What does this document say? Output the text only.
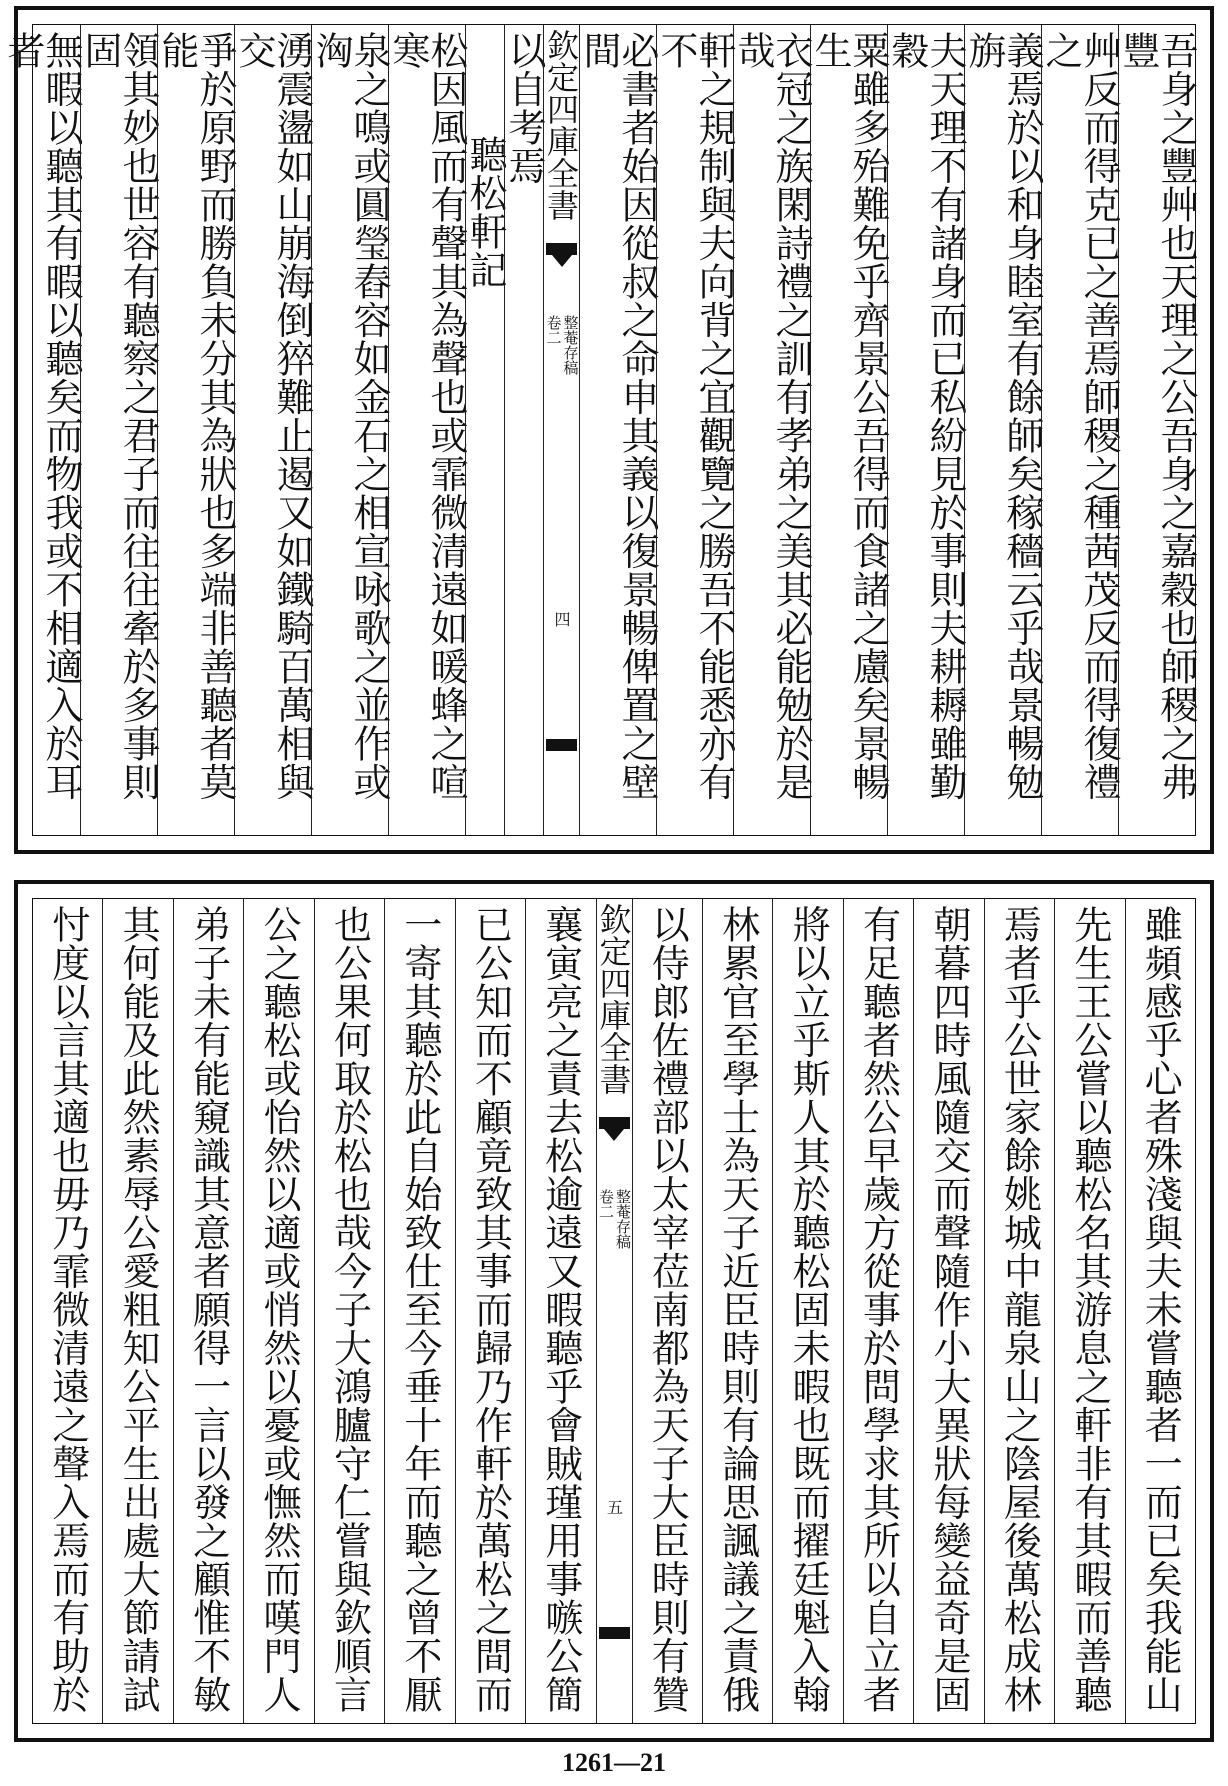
吾身之豐艸也天理之公吾身之嘉穀也師稷之弗豐
艸反而得克已之善焉師稷之種茜茂反而得復禮之
義焉於以和身睦室有餘師矣稼穡云乎哉景暢勉旃
夫天理不有諸身而已私紛見於事則夫耕耨雖勤穀
粟雖多殆難免乎齊景公吾得而食諸之慮矣景暢生
衣冠之族閑詩禮之訓有孝弟之美其必能勉於是哉
軒之規制與夫向背之宜觀覽之勝吾不能悉亦有不
必書者始因從叔之命申其義以復景暢俾置之壁間
欽定四庫全書
整菴存稿
卷二
四
以自考焉
聽松軒記
松因風而有聲其為聲也或霏微清遠如暖蜂之喧寒
泉之鳴或圓瑩舂容如金石之相宣咏歌之並作或洶
湧震盪如山崩海倒猝難止遏又如鐵騎百萬相與交
爭於原野而勝負未分其為狀也多端非善聽者莫能
領其妙也世容有聽察之君子而往往牽於多事則固
無暇以聽其有暇以聽矣而物我或不相適入於耳者
雖頻感乎心者殊淺與夫未嘗聽者一而已矣我能山
先生王公嘗以聽松名其游息之軒非有其暇而善聽
焉者乎公世家餘姚城中龍泉山之陰屋後萬松成林
朝暮四時風隨交而聲隨作小大異狀每變益奇是固
有足聽者然公早歲方從事於問學求其所以自立者
將以立乎斯人其於聽松固未暇也既而擢廷魁入翰
林累官至學士為天子近臣時則有論思諷議之責俄
以侍郎佐禮部以太宰莅南都為天子大臣時則有贊
欽定四庫全書
整菴存稿
卷二
五
襄寅亮之責去松逾遠又暇聽乎會賊瑾用事嗾公簡
已公知而不顧竟致其事而歸乃作軒於萬松之間而
一寄其聽於此自始致仕至今垂十年而聽之曾不厭
也公果何取於松也哉今子大鴻臚守仁嘗與欽順言
公之聽松或怡然以適或悄然以憂或憮然而嘆門人
弟子未有能窺識其意者願得一言以發之顧惟不敏
其何能及此然素辱公愛粗知公平生出處大節請試
忖度以言其適也毋乃霏微清遠之聲入焉而有助於
1261—21
